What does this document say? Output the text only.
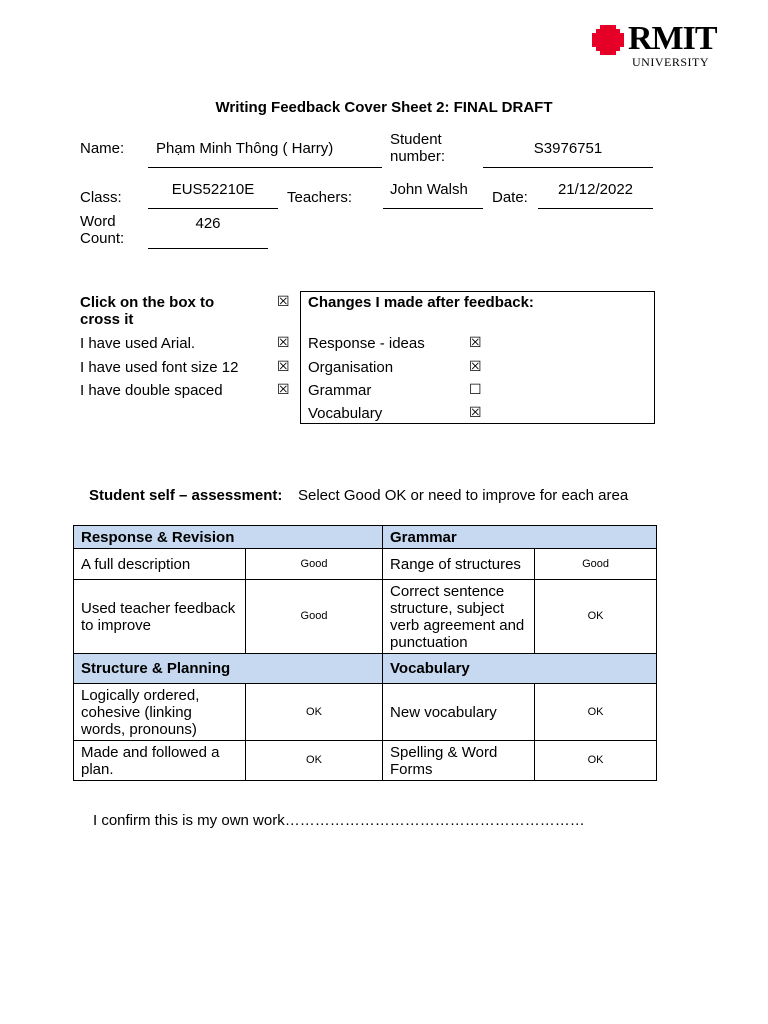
RMIT
UNIVERSITY
Writing Feedback Cover Sheet 2: FINAL DRAFT
Name: Phạm Minh Thông ( Harry)
Student number:	S3976751
Class:	EUS52210E	Teachers:	John Walsh Date:	21/12/2022
Word Count:
426
Click on the box to cross it
☒
I have used Arial.	☒
I have used font size 12	☒
I have double spaced	☒
Changes I made after feedback:
Response - ideas	☒
Organisation	☒
Grammar	☐
Vocabulary	☒
Student self – assessment: Select Good OK or need to improve for each area
Response & Revision		Grammar	
A full description	Good	Range of structures	Good
Used teacher feedback to improve	Good	Correct sentence structure, subject verb agreement and punctuation	OK
Structure & Planning		Vocabulary	
Logically ordered, cohesive (linking words, pronouns)	OK	New vocabulary	OK
Made and followed a plan.	OK	Spelling & Word Forms	OK
I confirm this is my own work……………………………………………………
